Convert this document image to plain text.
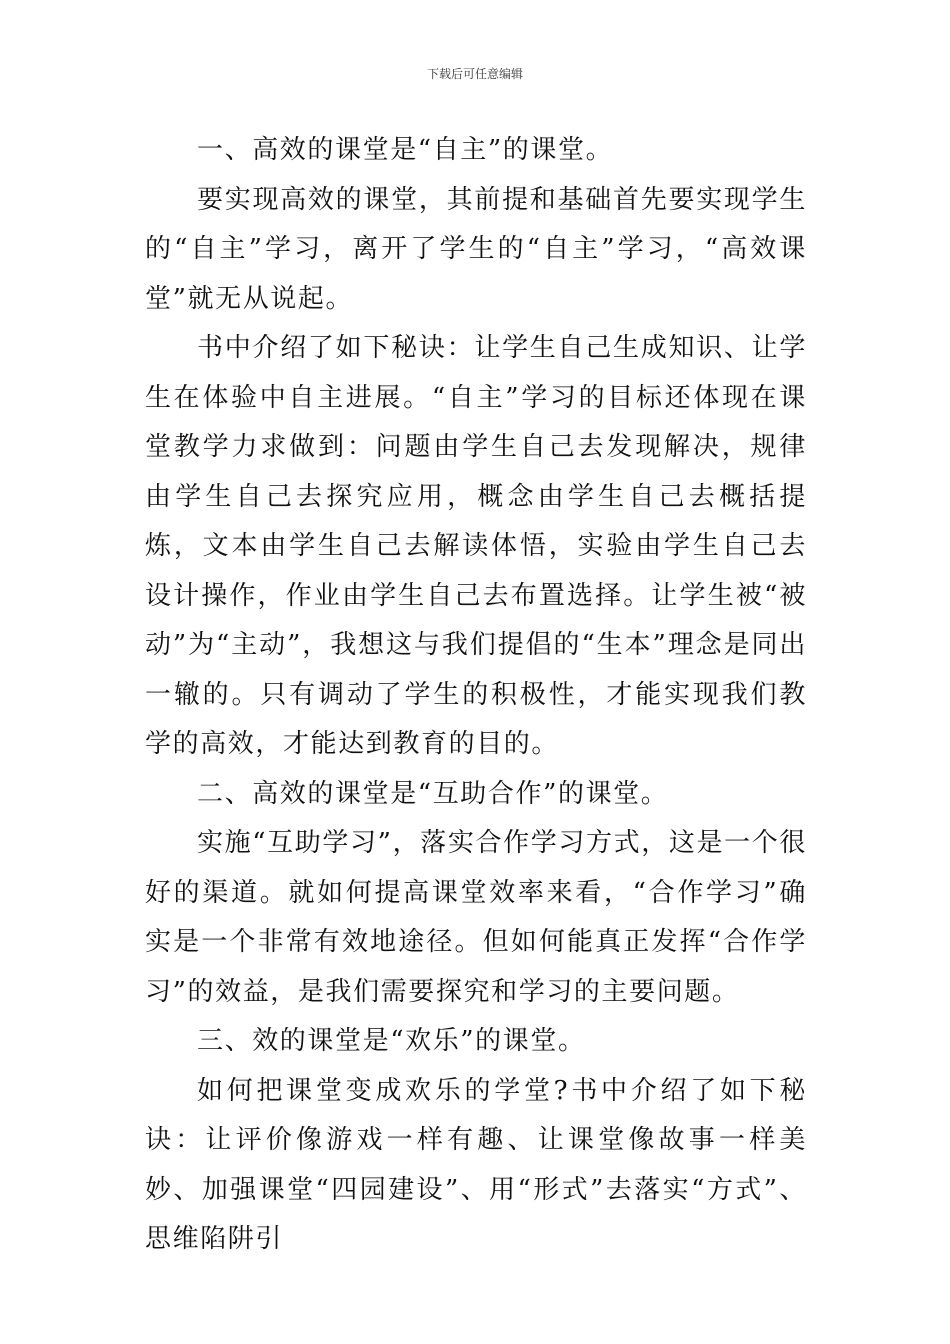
下载后可任意编辑

一、高效的课堂是“自主”的课堂。

要实现高效的课堂，其前提和基础首先要实现学生的“自主”学习，离开了学生的“自主”学习，“高效课堂”就无从说起。

书中介绍了如下秘诀：让学生自己生成知识、让学生在体验中自主进展。“自主”学习的目标还体现在课堂教学力求做到：问题由学生自己去发现解决，规律由学生自己去探究应用，概念由学生自己去概括提炼，文本由学生自己去解读体悟，实验由学生自己去设计操作，作业由学生自己去布置选择。让学生被“被动”为“主动”，我想这与我们提倡的“生本”理念是同出一辙的。只有调动了学生的积极性，才能实现我们教学的高效，才能达到教育的目的。

二、高效的课堂是“互助合作”的课堂。

实施“互助学习”，落实合作学习方式，这是一个很好的渠道。就如何提高课堂效率来看，“合作学习”确实是一个非常有效地途径。但如何能真正发挥“合作学习”的效益，是我们需要探究和学习的主要问题。

三、效的课堂是“欢乐”的课堂。

如何把课堂变成欢乐的学堂?书中介绍了如下秘诀：让评价像游戏一样有趣、让课堂像故事一样美妙、加强课堂“四园建设”、用“形式”去落实“方式”、思维陷阱引
